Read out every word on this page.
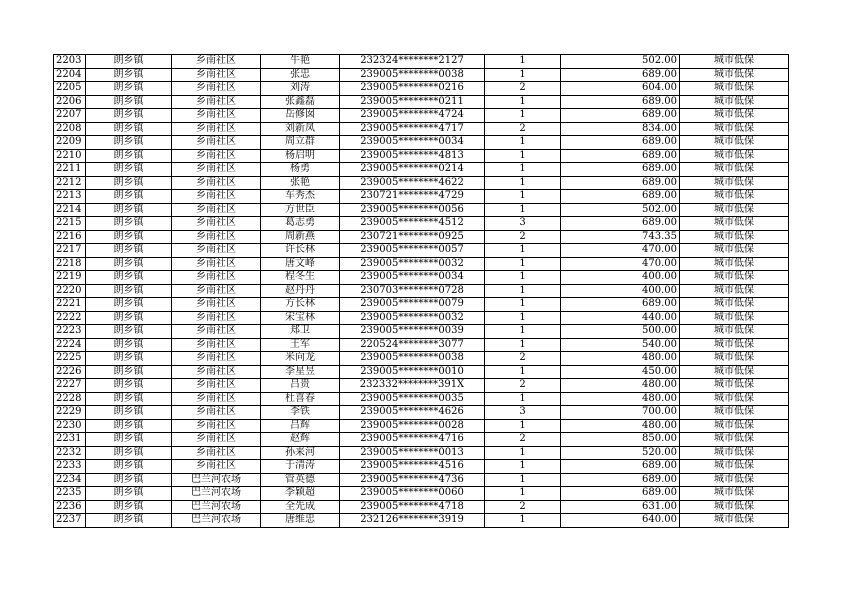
2203	朗乡镇	乡南社区	牛艳	232324********2127	1	502.00	城市低保
2204	朗乡镇	乡南社区	张忠	239005********0038	1	689.00	城市低保
2205	朗乡镇	乡南社区	刘涛	239005********0216	2	604.00	城市低保
2206	朗乡镇	乡南社区	张鑫磊	239005********0211	1	689.00	城市低保
2207	朗乡镇	乡南社区	岳修囡	239005********4724	1	689.00	城市低保
2208	朗乡镇	乡南社区	刘新凤	239005********4717	2	834.00	城市低保
2209	朗乡镇	乡南社区	周立群	239005********0034	1	689.00	城市低保
2210	朗乡镇	乡南社区	杨启明	239005********4813	1	689.00	城市低保
2211	朗乡镇	乡南社区	杨勇	239005********0214	1	689.00	城市低保
2212	朗乡镇	乡南社区	张艳	239005********4622	1	689.00	城市低保
2213	朗乡镇	乡南社区	车秀杰	230721********4729	1	689.00	城市低保
2214	朗乡镇	乡南社区	方世臣	239005********0056	1	502.00	城市低保
2215	朗乡镇	乡南社区	葛志勇	239005********4512	3	689.00	城市低保
2216	朗乡镇	乡南社区	周新燕	230721********0925	2	743.35	城市低保
2217	朗乡镇	乡南社区	许长林	239005********0057	1	470.00	城市低保
2218	朗乡镇	乡南社区	唐文峰	239005********0032	1	470.00	城市低保
2219	朗乡镇	乡南社区	程冬生	239005********0034	1	400.00	城市低保
2220	朗乡镇	乡南社区	赵丹丹	230703********0728	1	400.00	城市低保
2221	朗乡镇	乡南社区	方长林	239005********0079	1	689.00	城市低保
2222	朗乡镇	乡南社区	宋宝林	239005********0032	1	440.00	城市低保
2223	朗乡镇	乡南社区	郑卫	239005********0039	1	500.00	城市低保
2224	朗乡镇	乡南社区	王军	220524********3077	1	540.00	城市低保
2225	朗乡镇	乡南社区	米向龙	239005********0038	2	480.00	城市低保
2226	朗乡镇	乡南社区	李星昱	239005********0010	1	450.00	城市低保
2227	朗乡镇	乡南社区	吕贵	232332********391X	2	480.00	城市低保
2228	朗乡镇	乡南社区	杜喜春	239005********0035	1	480.00	城市低保
2229	朗乡镇	乡南社区	李铁	239005********4626	3	700.00	城市低保
2230	朗乡镇	乡南社区	吕辉	239005********0028	1	480.00	城市低保
2231	朗乡镇	乡南社区	赵辉	239005********4716	2	850.00	城市低保
2232	朗乡镇	乡南社区	孙来河	239005********0013	1	520.00	城市低保
2233	朗乡镇	乡南社区	于清涛	239005********4516	1	689.00	城市低保
2234	朗乡镇	巴兰河农场	管英德	239005********4736	1	689.00	城市低保
2235	朗乡镇	巴兰河农场	李颖超	239005********0060	1	689.00	城市低保
2236	朗乡镇	巴兰河农场	全先成	239005********4718	2	631.00	城市低保
2237	朗乡镇	巴兰河农场	唐维忠	232126********3919	1	640.00	城市低保
